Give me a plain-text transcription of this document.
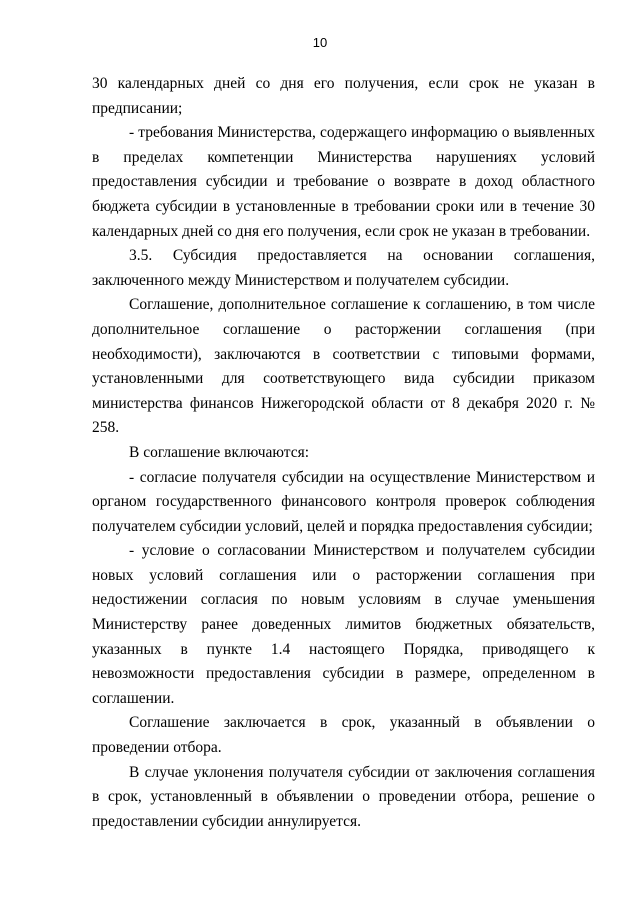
10

30 календарных дней со дня его получения, если срок не указан в предписании;

- требования Министерства, содержащего информацию о выявленных в пределах компетенции Министерства нарушениях условий предоставления субсидии и требование о возврате в доход областного бюджета субсидии в установленные в требовании сроки или в течение 30 календарных дней со дня его получения, если срок не указан в требовании.

3.5. Субсидия предоставляется на основании соглашения, заключенного между Министерством и получателем субсидии.

Соглашение, дополнительное соглашение к соглашению, в том числе дополнительное соглашение о расторжении соглашения (при необходимости), заключаются в соответствии с типовыми формами, установленными для соответствующего вида субсидии приказом министерства финансов Нижегородской области от 8 декабря 2020 г. № 258.

В соглашение включаются:

- согласие получателя субсидии на осуществление Министерством и органом государственного финансового контроля проверок соблюдения получателем субсидии условий, целей и порядка предоставления субсидии;

- условие о согласовании Министерством и получателем субсидии новых условий соглашения или о расторжении соглашения при недостижении согласия по новым условиям в случае уменьшения Министерству ранее доведенных лимитов бюджетных обязательств, указанных в пункте 1.4 настоящего Порядка, приводящего к невозможности предоставления субсидии в размере, определенном в соглашении.

Соглашение заключается в срок, указанный в объявлении о проведении отбора.

В случае уклонения получателя субсидии от заключения соглашения в срок, установленный в объявлении о проведении отбора, решение о предоставлении субсидии аннулируется.
